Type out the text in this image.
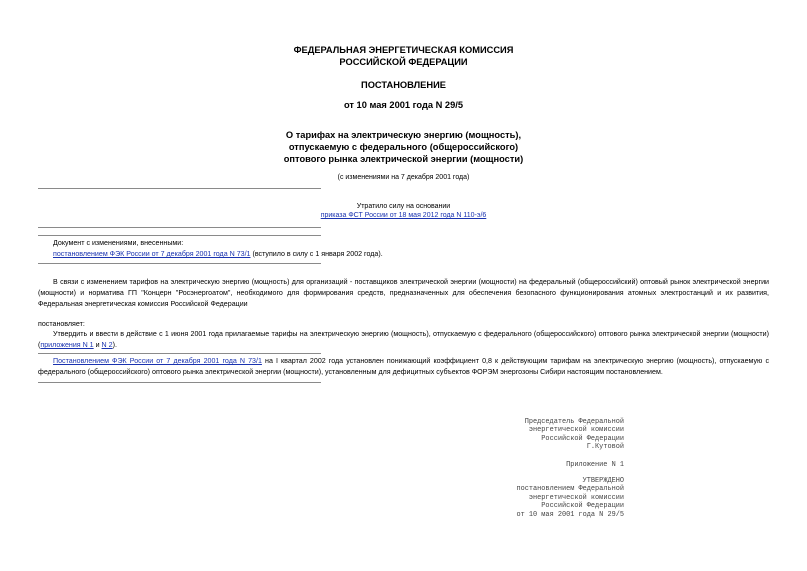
ФЕДЕРАЛЬНАЯ ЭНЕРГЕТИЧЕСКАЯ КОМИССИЯ
РОССИЙСКОЙ ФЕДЕРАЦИИ
ПОСТАНОВЛЕНИЕ
от 10 мая 2001 года N 29/5
О тарифах на электрическую энергию (мощность),
отпускаемую с федерального (общероссийского)
оптового рынка электрической энергии (мощности)
(с изменениями на 7 декабря 2001 года)
Утратило силу на основании
приказа ФСТ России от 18 мая 2012 года N 110-э/6
Документ с изменениями, внесенными:
постановлением ФЭК России от 7 декабря 2001 года N 73/1 (вступило в силу с 1 января 2002 года).
В связи с изменением тарифов на электрическую энергию (мощность) для организаций - поставщиков электрической энергии (мощности) на федеральный (общероссийский) оптовый рынок электрической энергии (мощности) и норматива ГП "Концерн "Росэнергоатом", необходимого для формирования средств, предназначенных для обеспечения безопасного функционирования атомных электростанций и их развития, Федеральная энергетическая комиссия Российской Федерации
постановляет:
Утвердить и ввести в действие с 1 июня 2001 года прилагаемые тарифы на электрическую энергию (мощность), отпускаемую с федерального (общероссийского) оптового рынка электрической энергии (мощности) (приложения N 1 и N 2).
Постановлением ФЭК России от 7 декабря 2001 года N 73/1 на I квартал 2002 года установлен понижающий коэффициент 0,8 к действующим тарифам на электрическую энергию (мощность), отпускаемую с федерального (общероссийского) оптового рынка электрической энергии (мощности), установленным для дефицитных субъектов ФОРЭМ энергозоны Сибири настоящим постановлением.
Председатель Федеральной
энергетической комиссии
Российской Федерации
Г.Кутовой
Приложение N 1
УТВЕРЖДЕНО
постановлением Федеральной
энергетической комиссии
Российской Федерации
от 10 мая 2001 года N 29/5
